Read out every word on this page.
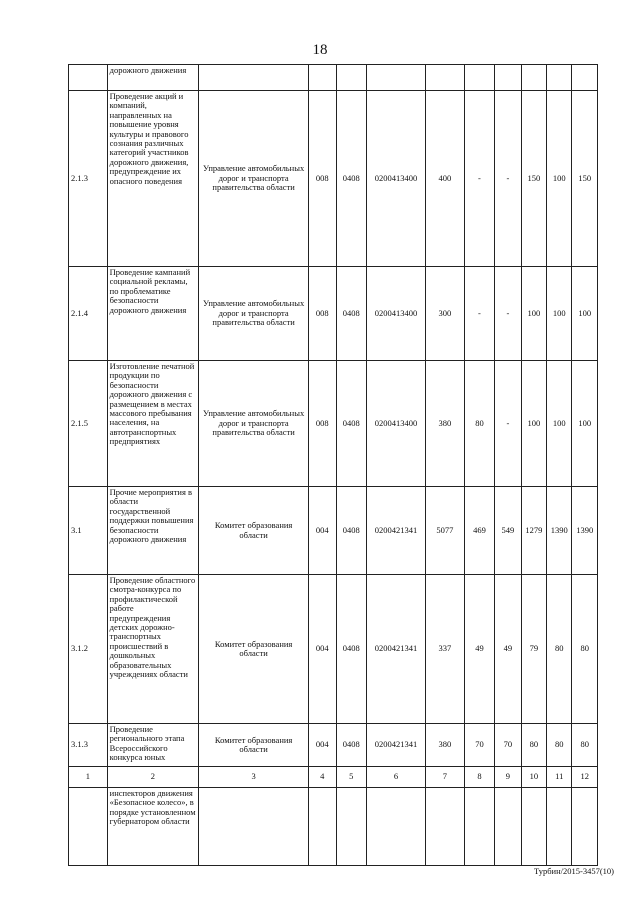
18
	дорожного движения										
2.1.3	Проведение акций и компаний, направленных на повышение уровня культуры и правового сознания различных категорий участников дорожного движения, предупреждение их опасного поведения	Управление автомобильных дорог и транспорта правительства области	008	0408	0200413400	400	-	-	150	100	150
2.1.4	Проведение кампаний социальной рекламы, по проблематике безопасности дорожного движения	Управление автомобильных дорог и транспорта правительства области	008	0408	0200413400	300	-	-	100	100	100
2.1.5	Изготовление печатной продукции по безопасности дорожного движения с размещением в местах массового пребывания населения, на автотранспортных предприятиях	Управление автомобильных дорог и транспорта правительства области	008	0408	0200413400	380	80	-	100	100	100
3.1	Прочие мероприятия в области государственной поддержки повышения безопасности дорожного движения	Комитет образования области	004	0408	0200421341	5077	469	549	1279	1390	1390
3.1.2	Проведение областного смотра-конкурса по профилактической работе предупреждения детских дорожно-транспортных происшествий в дошкольных образовательных учреждениях области	Комитет образования области	004	0408	0200421341	337	49	49	79	80	80
3.1.3	Проведение регионального этапа Всероссийского конкурса юных	Комитет образования области	004	0408	0200421341	380	70	70	80	80	80
1	2	3	4	5	6	7	8	9	10	11	12
	инспекторов движения «Безопасное колесо», в порядке установленном губернатором области										
Турбин/2015-3457(10)
